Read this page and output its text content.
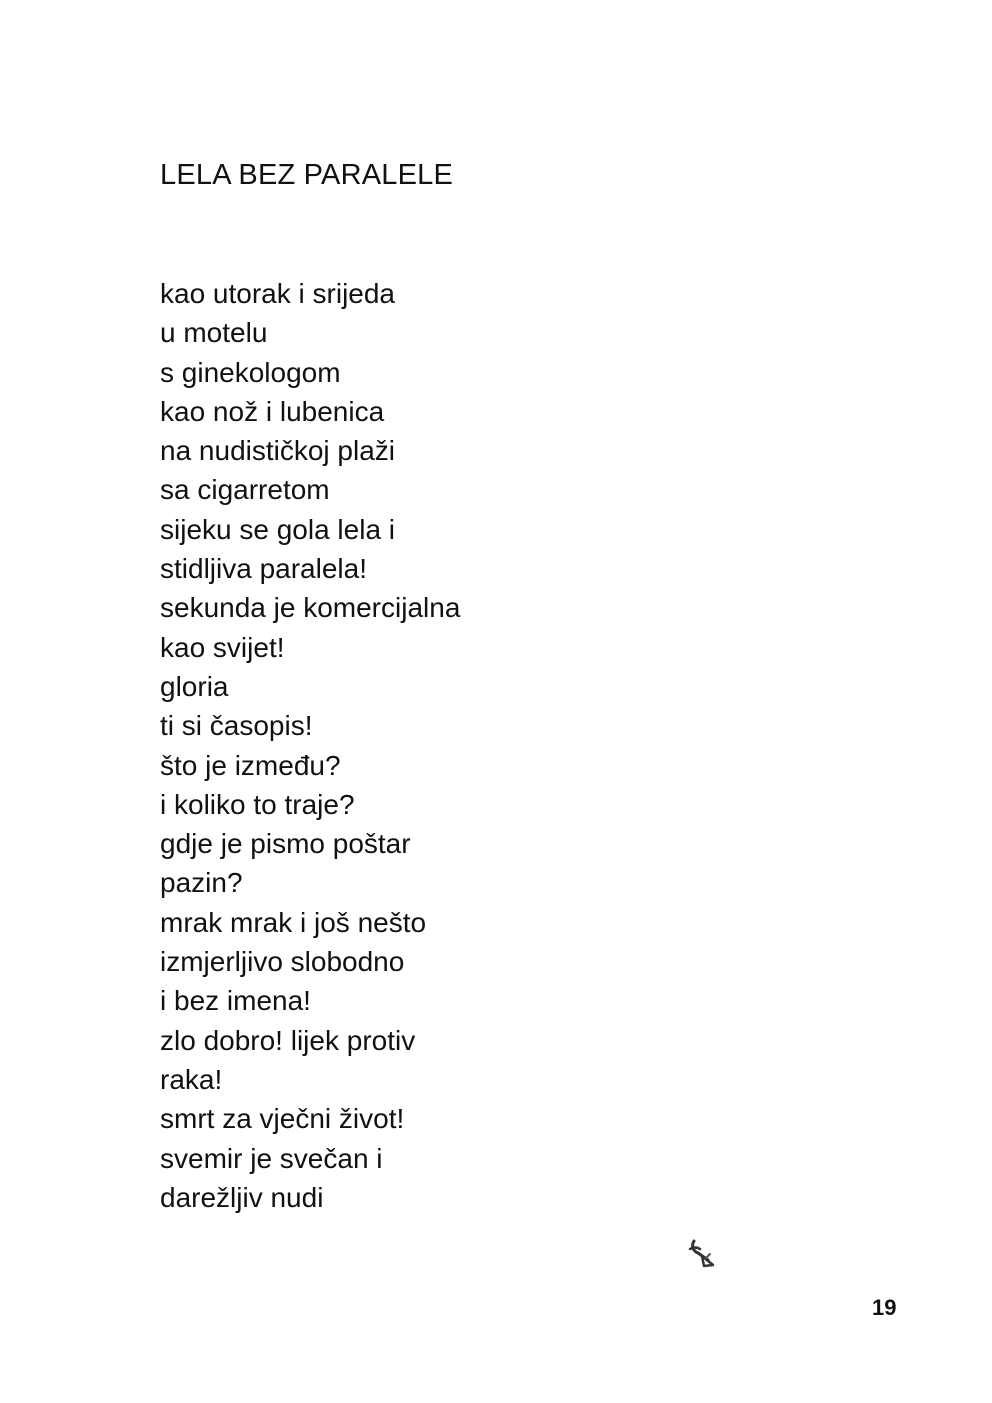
LELA BEZ PARALELE
kao utorak i srijeda
u motelu
s ginekologom
kao nož i lubenica
na nudističkoj plaži
sa cigarretom
sijeku se gola lela i
stidljiva paralela!
sekunda je komercijalna
kao svijet!
gloria
ti si časopis!
što je između?
i koliko to traje?
gdje je pismo poštar
pazin?
mrak mrak i još nešto
izmjerljivo slobodno
i bez imena!
zlo dobro! lijek protiv
raka!
smrt za vječni život!
svemir je svečan i
darežljiv nudi
19
